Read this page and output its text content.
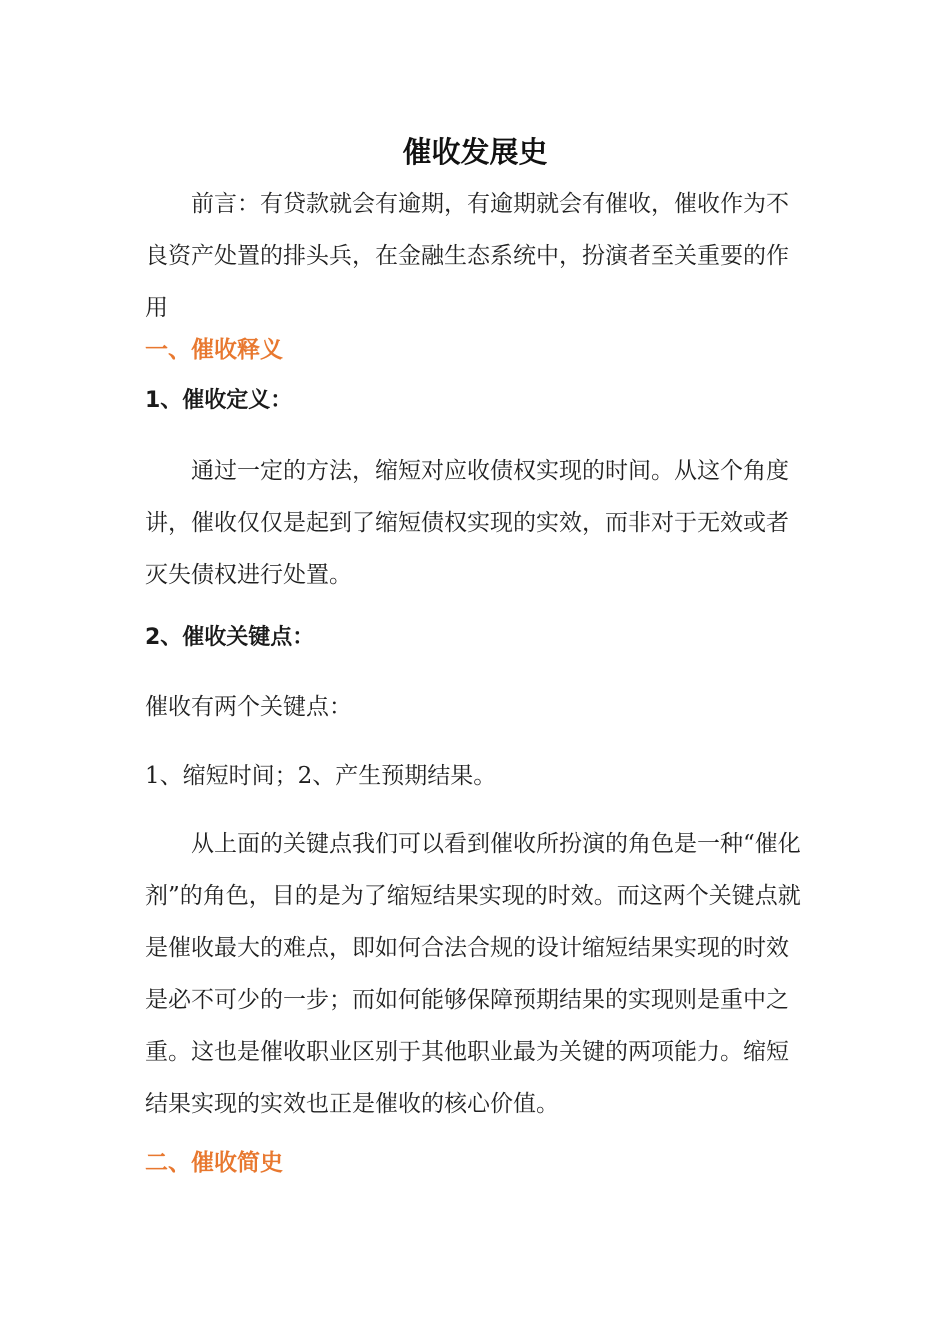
催收发展史

前言：有贷款就会有逾期，有逾期就会有催收，催收作为不良资产处置的排头兵，在金融生态系统中，扮演者至关重要的作用

一、催收释义
1、催收定义：

通过一定的方法，缩短对应收债权实现的时间。从这个角度讲，催收仅仅是起到了缩短债权实现的实效，而非对于无效或者灭失债权进行处置。

2、催收关键点：
催收有两个关键点：
1、缩短时间；2、产生预期结果。

从上面的关键点我们可以看到催收所扮演的角色是一种“催化剂”的角色，目的是为了缩短结果实现的时效。而这两个关键点就是催收最大的难点，即如何合法合规的设计缩短结果实现的时效是必不可少的一步；而如何能够保障预期结果的实现则是重中之重。这也是催收职业区别于其他职业最为关键的两项能力。缩短结果实现的实效也正是催收的核心价值。

二、催收简史
